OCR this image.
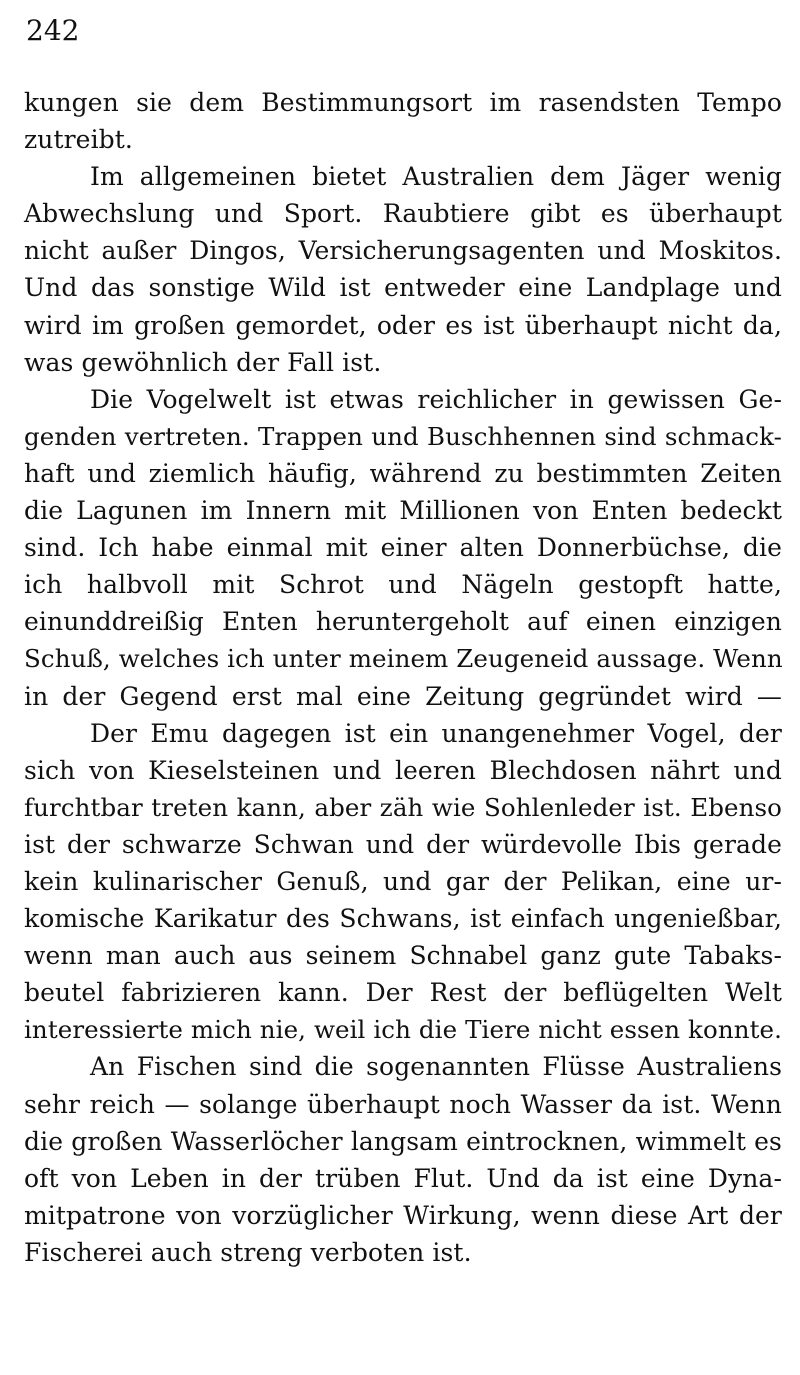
242
kungen sie dem Bestimmungsort im rasendsten Tempo
zutreibt.
Im allgemeinen bietet Australien dem Jäger wenig
Abwechslung und Sport. Raubtiere gibt es überhaupt
nicht außer Dingos, Versicherungsagenten und Moskitos.
Und das sonstige Wild ist entweder eine Landplage und
wird im großen gemordet, oder es ist überhaupt nicht da,
was gewöhnlich der Fall ist.
Die Vogelwelt ist etwas reichlicher in gewissen Ge-
genden vertreten. Trappen und Buschhennen sind schmack-
haft und ziemlich häufig, während zu bestimmten Zeiten
die Lagunen im Innern mit Millionen von Enten bedeckt
sind. Ich habe einmal mit einer alten Donnerbüchse, die
ich halbvoll mit Schrot und Nägeln gestopft hatte,
einunddreißig Enten heruntergeholt auf einen einzigen
Schuß, welches ich unter meinem Zeugeneid aussage. Wenn
in der Gegend erst mal eine Zeitung gegründet wird —
Der Emu dagegen ist ein unangenehmer Vogel, der
sich von Kieselsteinen und leeren Blechdosen nährt und
furchtbar treten kann, aber zäh wie Sohlenleder ist. Ebenso
ist der schwarze Schwan und der würdevolle Ibis gerade
kein kulinarischer Genuß, und gar der Pelikan, eine ur-
komische Karikatur des Schwans, ist einfach ungenießbar,
wenn man auch aus seinem Schnabel ganz gute Tabaks-
beutel fabrizieren kann. Der Rest der beflügelten Welt
interessierte mich nie, weil ich die Tiere nicht essen konnte.
An Fischen sind die sogenannten Flüsse Australiens
sehr reich — solange überhaupt noch Wasser da ist. Wenn
die großen Wasserlöcher langsam eintrocknen, wimmelt es
oft von Leben in der trüben Flut. Und da ist eine Dyna-
mitpatrone von vorzüglicher Wirkung, wenn diese Art der
Fischerei auch streng verboten ist.
